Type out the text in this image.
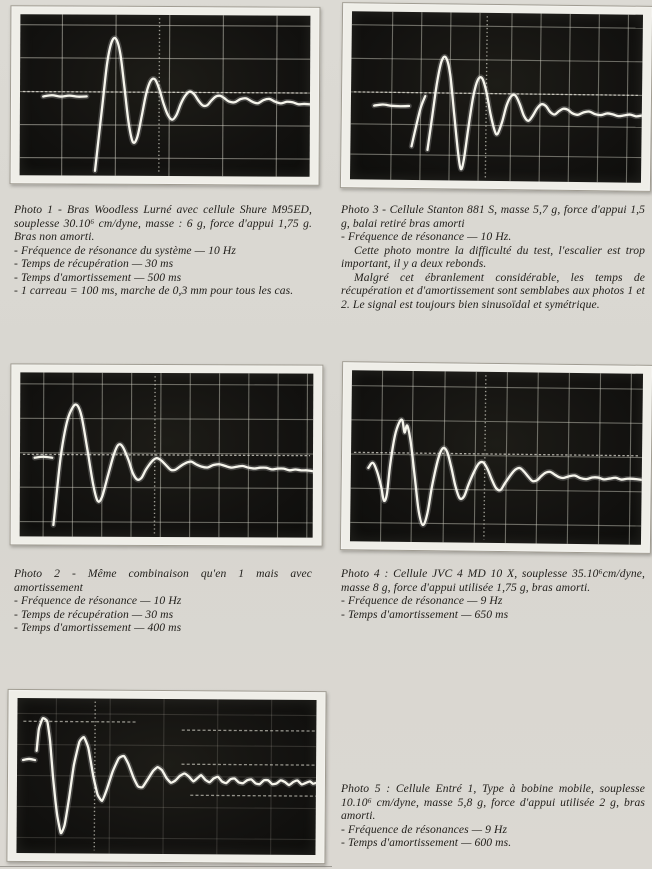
Photo 1 - Bras Woodless Lurné avec cellule Shure M95ED, souplesse 30.10⁶ cm/dyne, masse : 6 g, force d'appui 1,75 g. Bras non amorti.

- Fréquence de résonance du système — 10 Hz

- Temps de récupération — 30 ms

- Temps d'amortissement — 500 ms

- 1 carreau = 100 ms, marche de 0,3 mm pour tous les cas.

Photo 3 - Cellule Stanton 881 S, masse 5,7 g, force d'appui 1,5 g, balai retiré bras amorti

- Fréquence de résonance — 10 Hz.

Cette photo montre la difficulté du test, l'escalier est trop important, il y a deux rebonds.

Malgré cet ébranlement considérable, les temps de récupération et d'amortissement sont semblabes aux photos 1 et 2. Le signal est toujours bien sinusoïdal et symétrique.

Photo 2 - Même combinaison qu'en 1 mais avec amortissement

- Fréquence de résonance — 10 Hz

- Temps de récupération — 30 ms

- Temps d'amortissement — 400 ms

Photo 4 : Cellule JVC 4 MD 10 X, souplesse 35.10⁶cm/dyne, masse 8 g, force d'appui utilisée 1,75 g, bras amorti.

- Fréquence de résonance — 9 Hz

- Temps d'amortissement — 650 ms

Photo 5 : Cellule Entré 1, Type à bobine mobile, souplesse 10.10⁶ cm/dyne, masse 5,8 g, force d'appui utilisée 2 g, bras amorti.

- Fréquence de résonances — 9 Hz

- Temps d'amortissement — 600 ms.
